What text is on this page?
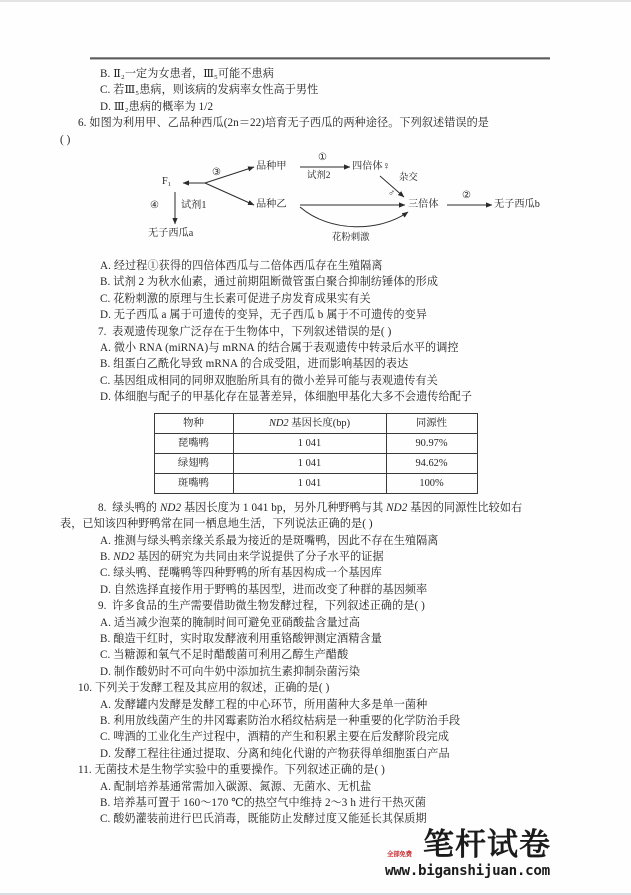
B. Ⅱ₂一定为女患者，Ⅲ₅可能不患病
C. 若Ⅲ₅患病，则该病的发病率女性高于男性
D. Ⅲ₂患病的概率为 1/2
6. 如图为利用甲、乙品种西瓜(2n＝22)培育无子西瓜的两种途径。下列叙述错误的是
( )
F₁
③
④ 试剂1
无子西瓜a
品种甲
品种乙
①
试剂2
四倍体♀
杂交
♂
三倍体
②
无子西瓜b
花粉刺激
A. 经过程①获得的四倍体西瓜与二倍体西瓜存在生殖隔离
B. 试剂 2 为秋水仙素，通过前期阻断微管蛋白聚合抑制纺锤体的形成
C. 花粉刺激的原理与生长素可促进子房发育成果实有关
D. 无子西瓜 a 属于可遗传的变异，无子西瓜 b 属于不可遗传的变异
7. 表观遗传现象广泛存在于生物体中，下列叙述错误的是( )
A. 微小 RNA (miRNA)与 mRNA 的结合属于表观遗传中转录后水平的调控
B. 组蛋白乙酰化导致 mRNA 的合成受阻，进而影响基因的表达
C. 基因组成相同的同卵双胞胎所具有的微小差异可能与表观遗传有关
D. 体细胞与配子的甲基化存在显著差异，体细胞甲基化大多不会遗传给配子
物种	ND2 基因长度(bp)	同源性
琵嘴鸭	1 041	90.97%
绿翅鸭	1 041	94.62%
斑嘴鸭	1 041	100%
8. 绿头鸭的 ND2 基因长度为 1 041 bp，另外几种野鸭与其 ND2 基因的同源性比较如右
表，已知该四种野鸭常在同一栖息地生活，下列说法正确的是( )
A. 推测与绿头鸭亲缘关系最为接近的是斑嘴鸭，因此不存在生殖隔离
B. ND2 基因的研究为共同由来学说提供了分子水平的证据
C. 绿头鸭、琵嘴鸭等四种野鸭的所有基因构成一个基因库
D. 自然选择直接作用于野鸭的基因型，进而改变了种群的基因频率
9. 许多食品的生产需要借助微生物发酵过程，下列叙述正确的是( )
A. 适当减少泡菜的腌制时间可避免亚硝酸盐含量过高
B. 酿造干红时，实时取发酵液利用重铬酸钾测定酒精含量
C. 当糖源和氧气不足时醋酸菌可利用乙醇生产醋酸
D. 制作酸奶时不可向牛奶中添加抗生素抑制杂菌污染
10. 下列关于发酵工程及其应用的叙述，正确的是( )
A. 发酵罐内发酵是发酵工程的中心环节，所用菌种大多是单一菌种
B. 利用放线菌产生的井冈霉素防治水稻纹枯病是一种重要的化学防治手段
C. 啤酒的工业化生产过程中，酒精的产生和积累主要在后发酵阶段完成
D. 发酵工程往往通过提取、分离和纯化代谢的产物获得单细胞蛋白产品
11. 无菌技术是生物学实验中的重要操作。下列叙述正确的是( )
A. 配制培养基通常需加入碳源、氮源、无菌水、无机盐
B. 培养基可置于 160～170 ℃的热空气中维持 2～3 h 进行干热灭菌
C. 酸奶灌装前进行巴氏消毒，既能防止发酵过度又能延长其保质期
笔杆试卷
全部免费
www.biganshijuan.com
